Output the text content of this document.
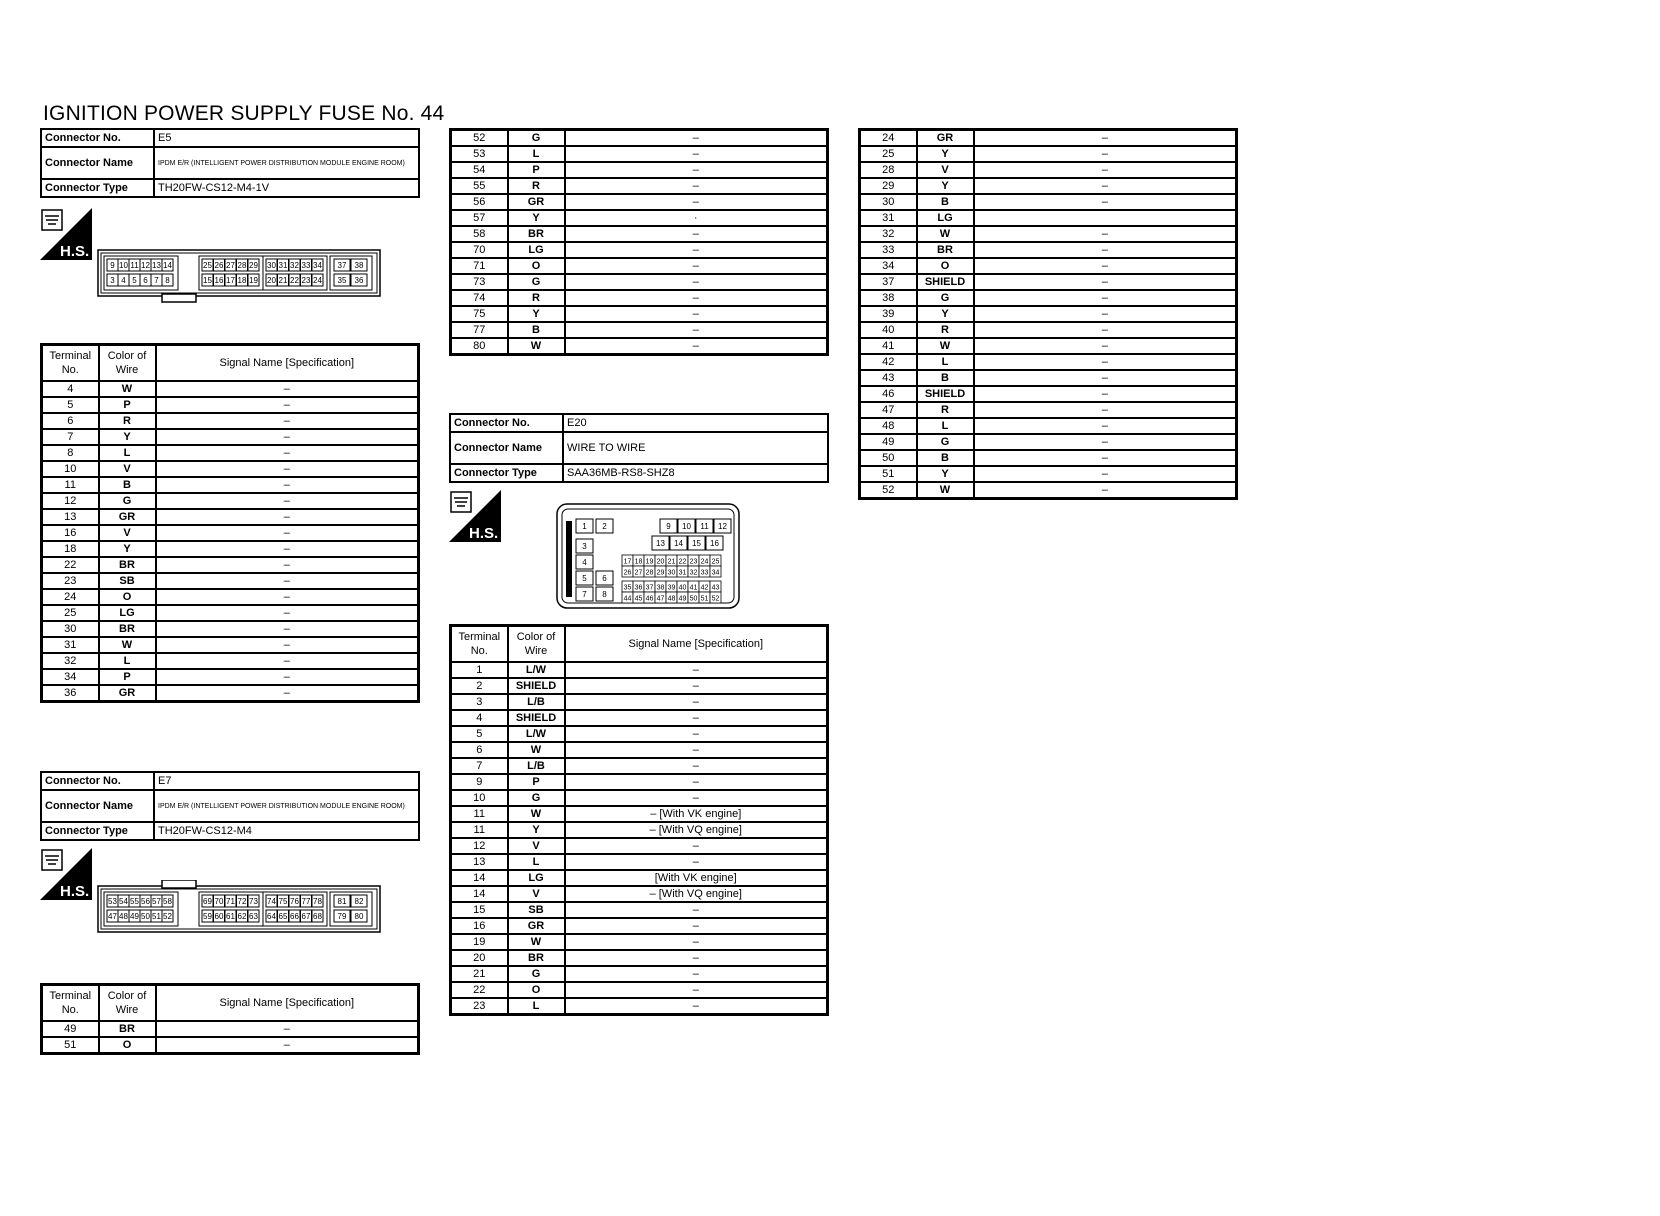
IGNITION POWER SUPPLY FUSE No. 44
Connector No.	E5
Connector Name	IPDM E/R (INTELLIGENT POWER DISTRIBUTION MODULE ENGINE ROOM)
Connector Type	TH20FW-CS12-M4-1V
H.S.
9
3
10
4
11
5
12
6
13
7
14
8
25
15
26
16
27
17
28
18
29
19
30
20
31
21
32
22
33
23
34
24
37
35
38
36
Terminal No.	Color of Wire	Signal Name [Specification]
4	W	–
5	P	–
6	R	–
7	Y	–
8	L	–
10	V	–
11	B	–
12	G	–
13	GR	–
16	V	–
18	Y	–
22	BR	–
23	SB	–
24	O	–
25	LG	–
30	BR	–
31	W	–
32	L	–
34	P	–
36	GR	–
Connector No.	E7
Connector Name	IPDM E/R (INTELLIGENT POWER DISTRIBUTION MODULE ENGINE ROOM)
Connector Type	TH20FW-CS12-M4
H.S.
53
47
54
48
55
49
56
50
57
51
58
52
69
59
70
60
71
61
72
62
73
63
74
64
75
65
76
66
77
67
78
68
81
79
82
80
Terminal No.	Color of Wire	Signal Name [Specification]
49	BR	–
51	O	–
52	G	–
53	L	–
54	P	–
55	R	–
56	GR	–
57	Y	·
58	BR	–
70	LG	–
71	O	–
73	G	–
74	R	–
75	Y	–
77	B	–
80	W	–
Connector No.	E20
Connector Name	WIRE TO WIRE
Connector Type	SAA36MB-RS8-SHZ8
H.S.	1 2
3
4
5 6
7 8
9 10 11 12
13 14 15 16
17 18 19 20 21 22 23 24 25
26 27 28 29 30 31 32 33 34
35 36 37 38 39 40 41 42 43
44 45 46 47 48 49 50 51 52
Terminal No.	Color of Wire	Signal Name [Specification]
1	L/W	–
2	SHIELD	–
3	L/B	–
4	SHIELD	–
5	L/W	–
6	W	–
7	L/B	–
9	P	–
10	G	–
11	W	– [With VK engine]
11	Y	– [With VQ engine]
12	V	–
13	L	–
14	LG	[With VK engine]
14	V	– [With VQ engine]
15	SB	–
16	GR	–
19	W	–
20	BR	–
21	G	–
22	O	–
23	L	–
24	GR	–
25	Y	–
28	V	–
29	Y	–
30	B	–
31	LG	
32	W	–
33	BR	–
34	O	–
37	SHIELD	–
38	G	–
39	Y	–
40	R	–
41	W	–
42	L	–
43	B	–
46	SHIELD	–
47	R	–
48	L	–
49	G	–
50	B	–
51	Y	–
52	W	–
